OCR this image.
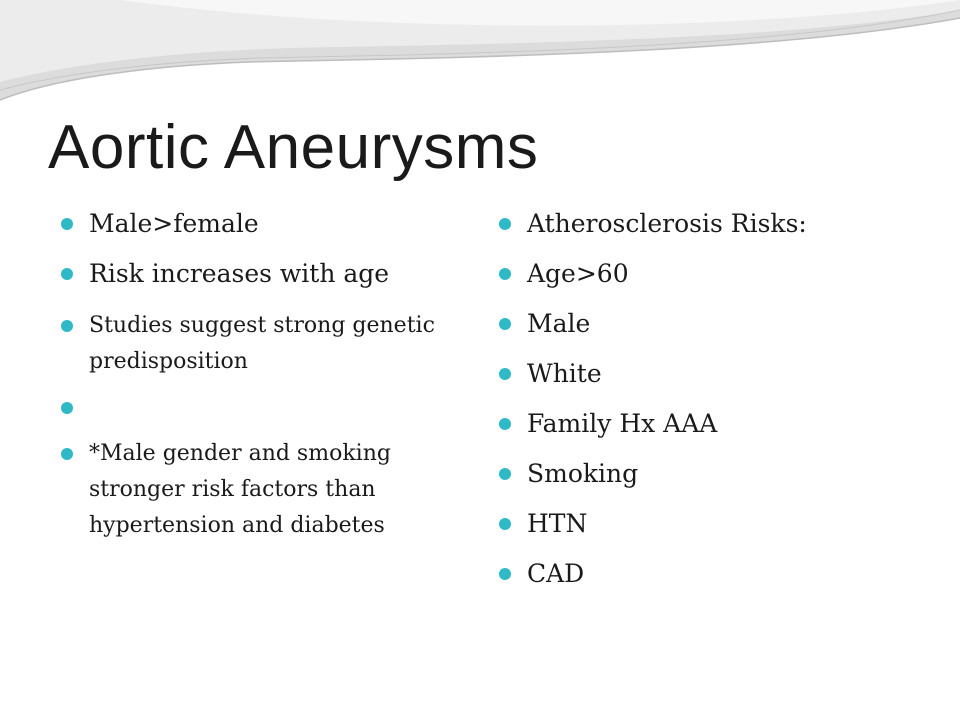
Aortic Aneurysms
Male>female
Risk increases with age
Studies suggest strong genetic predisposition
*Male gender and smoking stronger risk factors than hypertension and diabetes
Atherosclerosis Risks:
Age>60
Male
White
Family Hx AAA
Smoking
HTN
CAD
